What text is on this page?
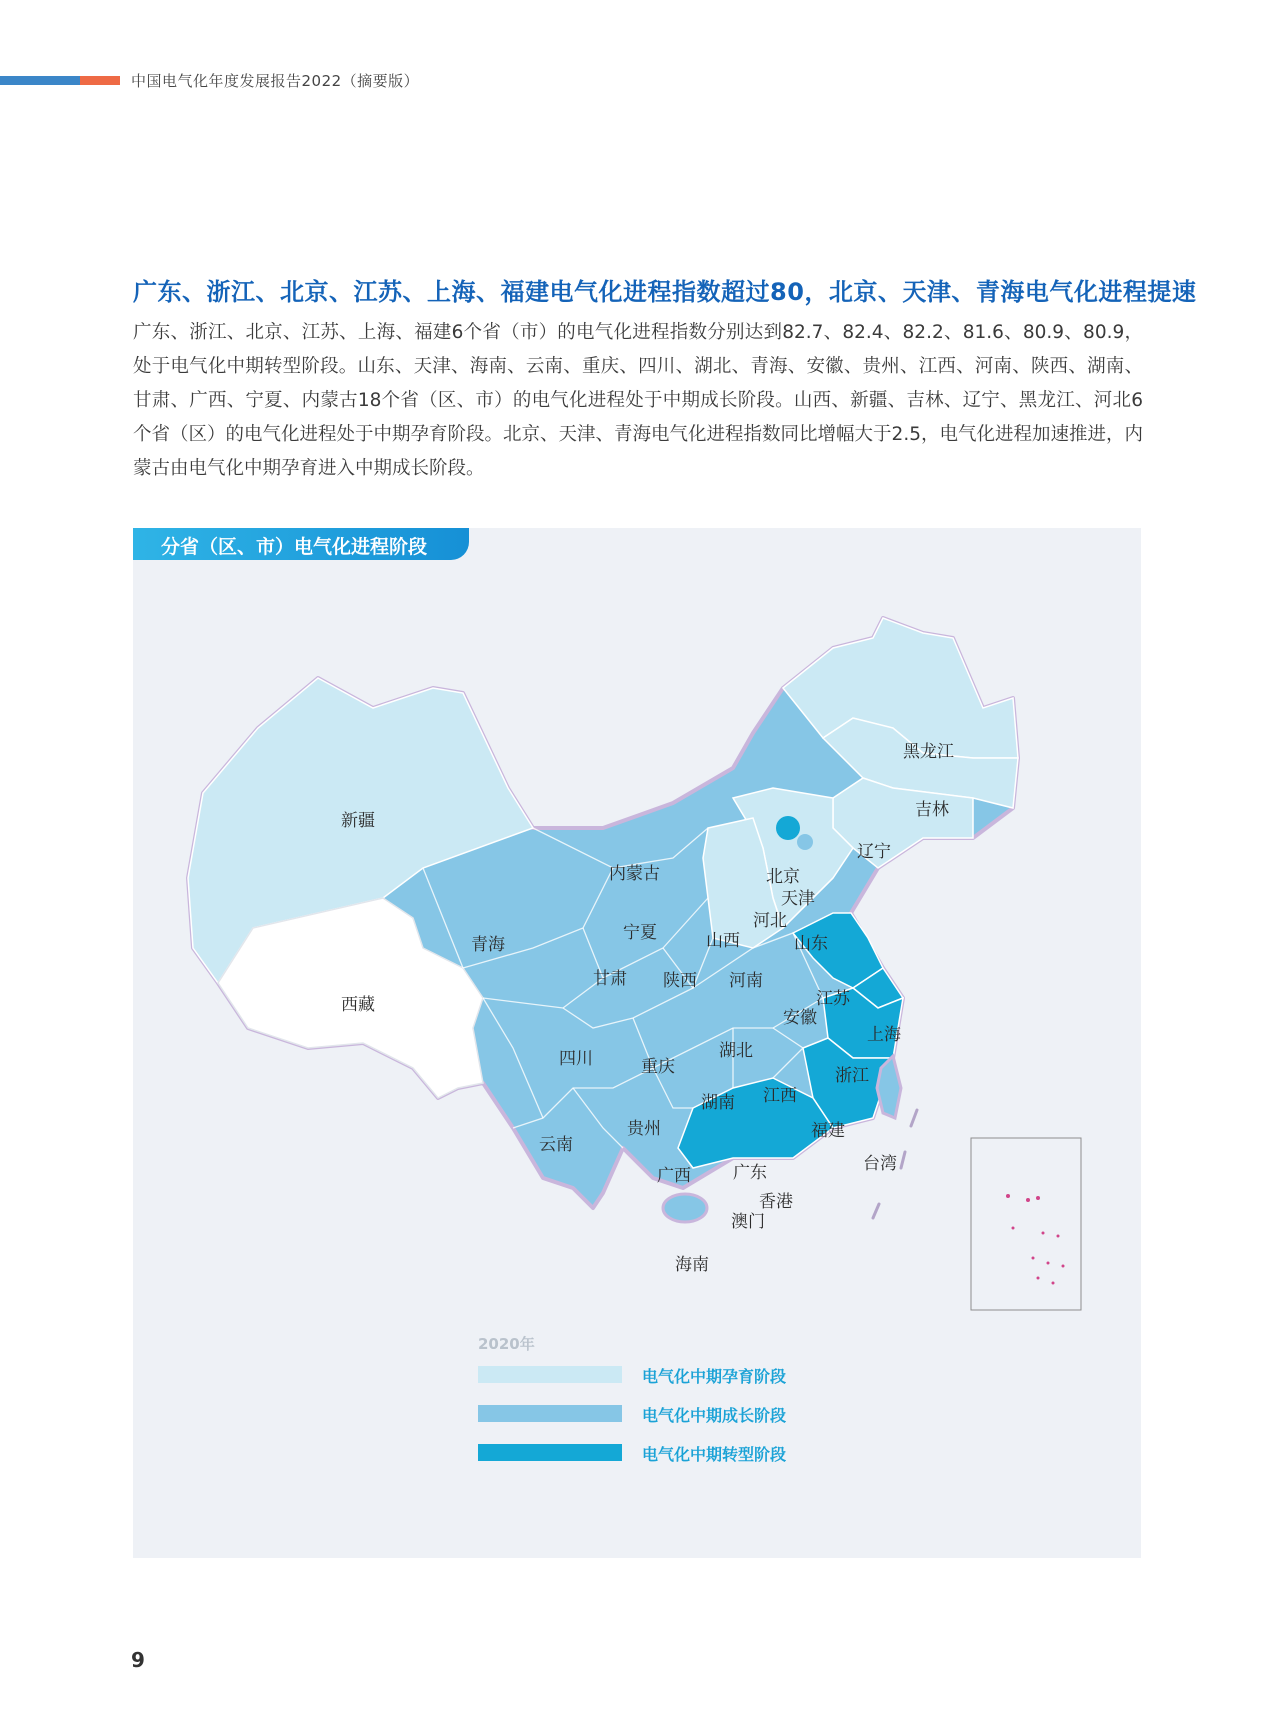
中国电气化年度发展报告2022（摘要版）
广东、浙江、北京、江苏、上海、福建电气化进程指数超过80，北京、天津、青海电气化进程提速
广东、浙江、北京、江苏、上海、福建6个省（市）的电气化进程指数分别达到82.7、82.4、82.2、81.6、80.9、80.9，处于电气化中期转型阶段。山东、天津、海南、云南、重庆、四川、湖北、青海、安徽、贵州、江西、河南、陕西、湖南、甘肃、广西、宁夏、内蒙古18个省（区、市）的电气化进程处于中期成长阶段。山西、新疆、吉林、辽宁、黑龙江、河北6个省（区）的电气化进程处于中期孕育阶段。北京、天津、青海电气化进程指数同比增幅大于2.5，电气化进程加速推进，内蒙古由电气化中期孕育进入中期成长阶段。
新疆
西藏
青海
内蒙古
黑龙江
吉林
辽宁
北京
天津
河北
山西	山东
宁夏
甘肃 陕西 河南
江苏
安徽
上海
四川	重庆
湖北
浙江
贵州
湖南 江西
福建
云南
广西 广东	台湾
香港
澳门
海南
分省（区、市）电气化进程阶段
2020年
电气化中期孕育阶段
电气化中期成长阶段
电气化中期转型阶段
9
